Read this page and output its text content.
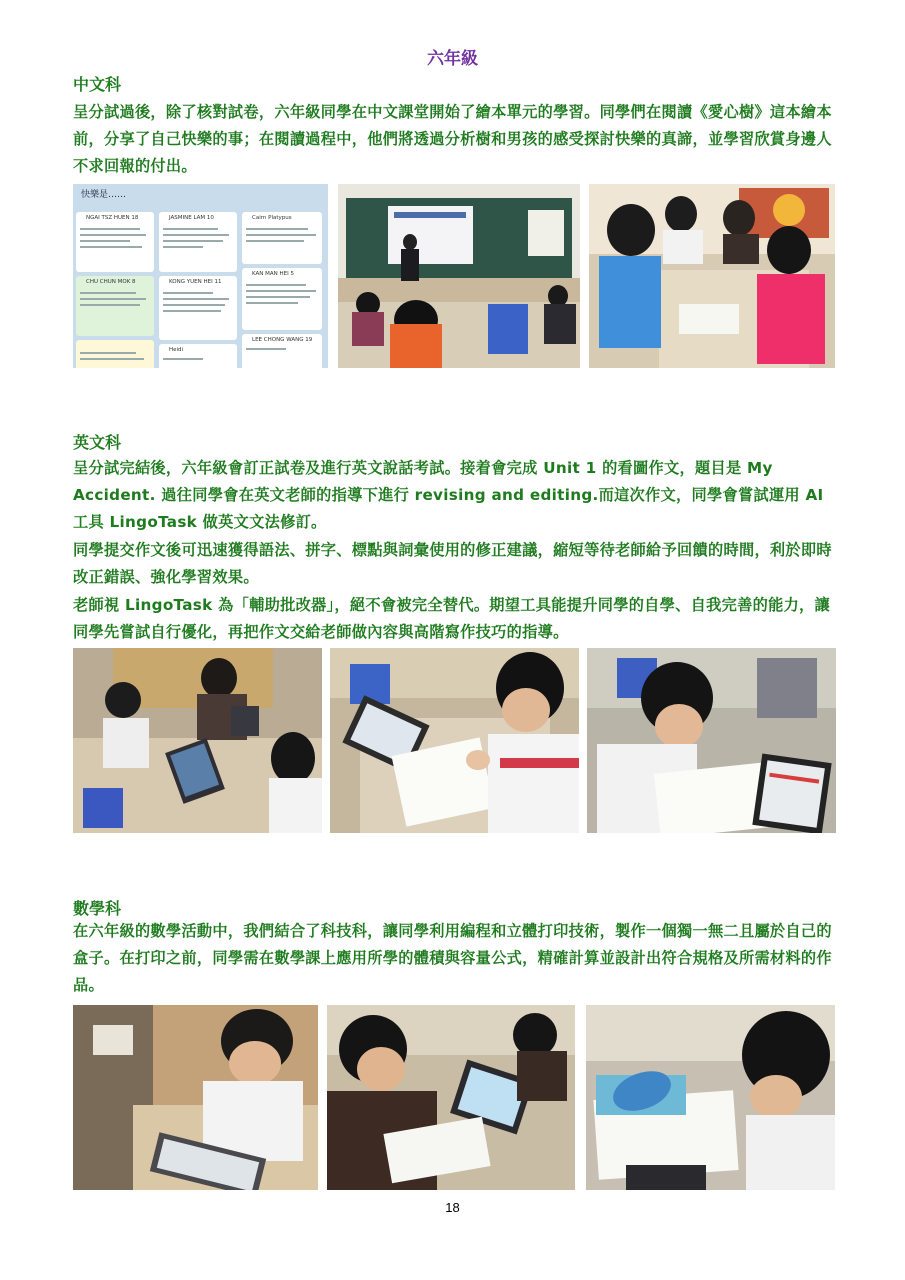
六年級
中文科

呈分試過後，除了核對試卷，六年級同學在中文課堂開始了繪本單元的學習。同學們在閱讀《愛心樹》這本繪本前，分享了自己快樂的事；在閱讀過程中，他們將透過分析樹和男孩的感受探討快樂的真諦，並學習欣賞身邊人不求回報的付出。

快樂是……
NGAI TSZ HUEN 18	JASMINE LAM 10	Cairn Platypus
CHU CHUN MOK 8	KONG YUEN HEI 11
KAN MAN HEI 5
Heidi
LEE CHONG WANG 19
英文科

呈分試完結後，六年級會訂正試卷及進行英文說話考試。接着會完成 Unit 1 的看圖作文，題目是 My Accident. 過往同學會在英文老師的指導下進行 revising and editing.而這次作文，同學會嘗試運用 AI 工具 LingoTask 做英文文法修訂。

同學提交作文後可迅速獲得語法、拼字、標點與詞彙使用的修正建議，縮短等待老師給予回饋的時間，利於即時改正錯誤、強化學習效果。

老師視 LingoTask 為「輔助批改器」，絕不會被完全替代。期望工具能提升同學的自學、自我完善的能力，讓同學先嘗試自行優化，再把作文交給老師做內容與高階寫作技巧的指導。

數學科

在六年級的數學活動中，我們結合了科技科，讓同學利用編程和立體打印技術，製作一個獨一無二且屬於自己的盒子。在打印之前，同學需在數學課上應用所學的體積與容量公式，精確計算並設計出符合規格及所需材料的作品。

18
